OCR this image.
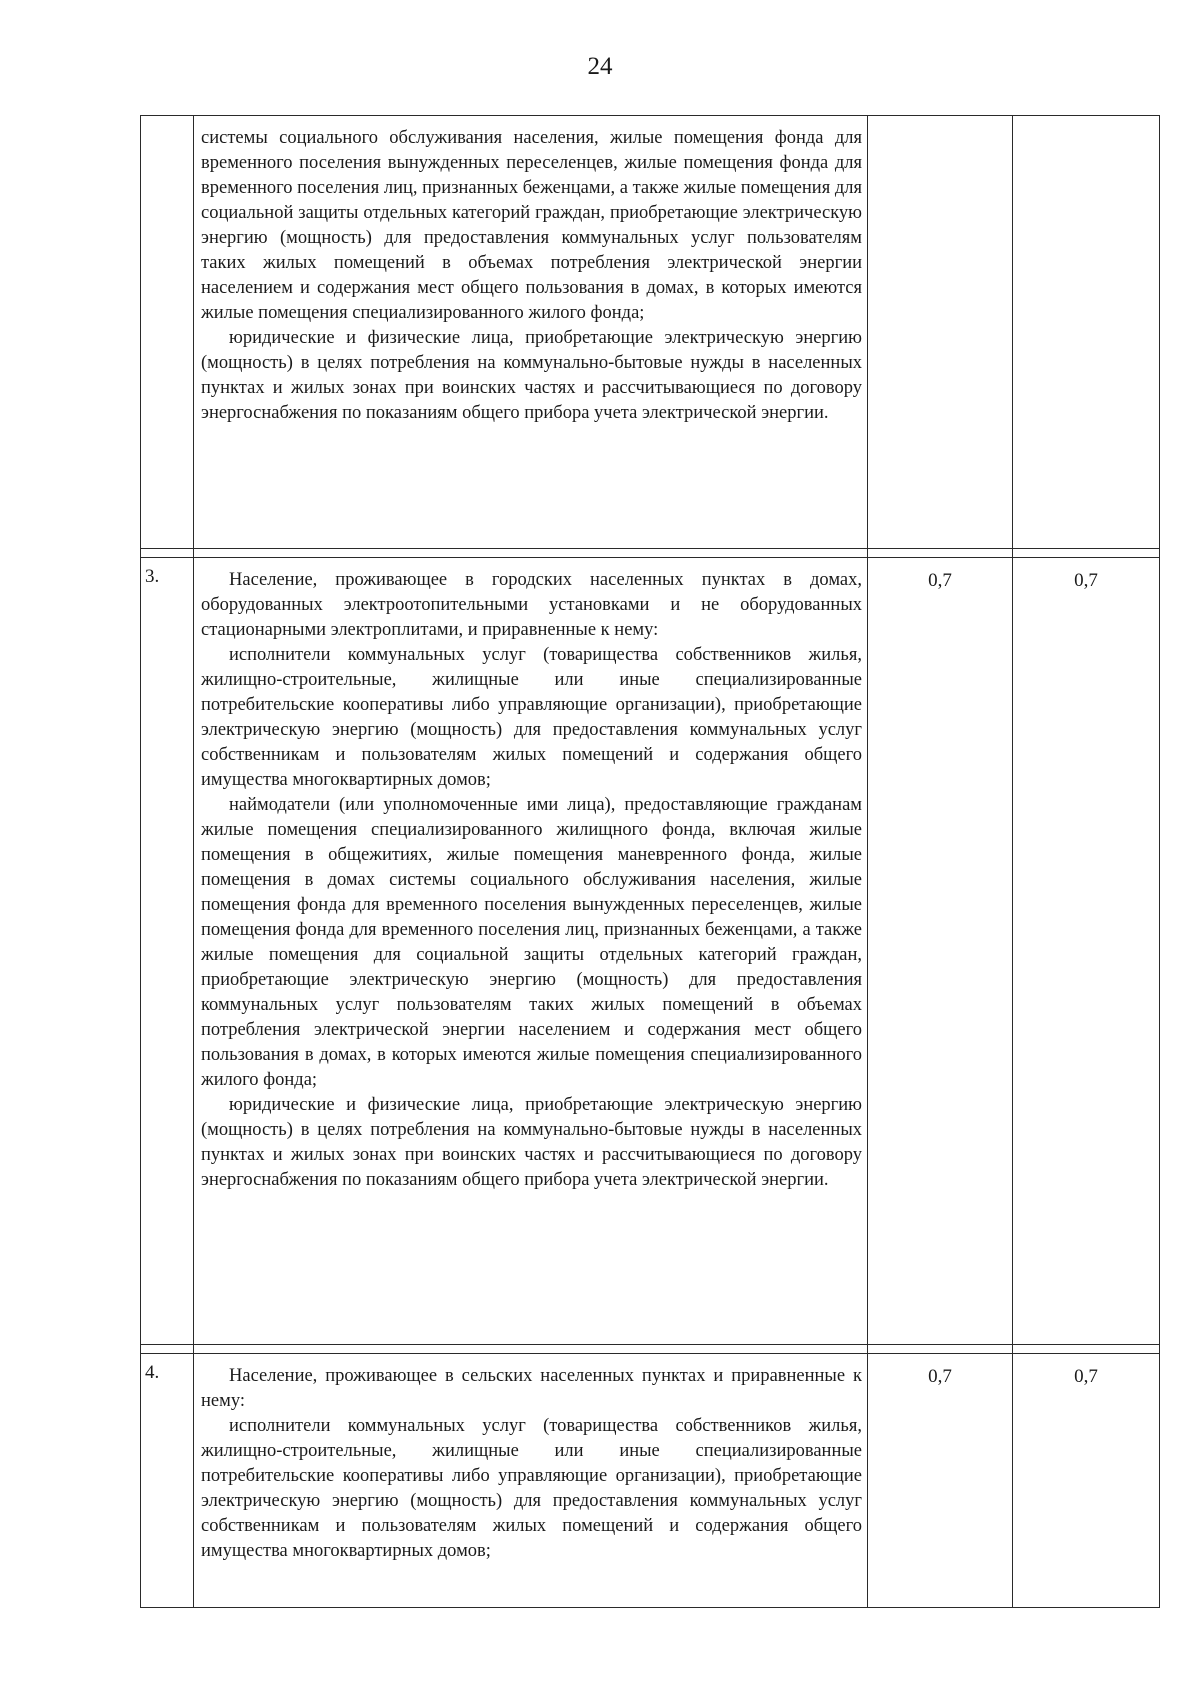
24

	системы социального обслуживания населения, жилые помещения фонда для временного поселения вынужденных переселенцев, жилые помещения фонда для временного поселения лиц, признанных беженцами, а также жилые помещения для социальной защиты отдельных категорий граждан, приобретающие электрическую энергию (мощность) для предоставления коммунальных услуг пользователям таких жилых помещений в объемах потребления электрической энергии населением и содержания мест общего пользования в домах, в которых имеются жилые помещения специализированного жилого фонда;

юридические и физические лица, приобретающие электрическую энергию (мощность) в целях потребления на коммунально-бытовые нужды в населенных пунктах и жилых зонах при воинских частях и рассчитывающиеся по договору энергоснабжения по показаниям общего прибора учета электрической энергии.		

3.	Население, проживающее в городских населенных пунктах в домах, оборудованных электроотопительными установками и не оборудованных стационарными электроплитами, и приравненные к нему:

исполнители коммунальных услуг (товарищества собственников жилья, жилищно-строительные, жилищные или иные специализированные потребительские кооперативы либо управляющие организации), приобретающие электрическую энергию (мощность) для предоставления коммунальных услуг собственникам и пользователям жилых помещений и содержания общего имущества многоквартирных домов;

наймодатели (или уполномоченные ими лица), предоставляющие гражданам жилые помещения специализированного жилищного фонда, включая жилые помещения в общежитиях, жилые помещения маневренного фонда, жилые помещения в домах системы социального обслуживания населения, жилые помещения фонда для временного поселения вынужденных переселенцев, жилые помещения фонда для временного поселения лиц, признанных беженцами, а также жилые помещения для социальной защиты отдельных категорий граждан, приобретающие электрическую энергию (мощность) для предоставления коммунальных услуг пользователям таких жилых помещений в объемах потребления электрической энергии населением и содержания мест общего пользования в домах, в которых имеются жилые помещения специализированного жилого фонда;

юридические и физические лица, приобретающие электрическую энергию (мощность) в целях потребления на коммунально-бытовые нужды в населенных пунктах и жилых зонах при воинских частях и рассчитывающиеся по договору энергоснабжения по показаниям общего прибора учета электрической энергии.	0,7	0,7

4.	Население, проживающее в сельских населенных пунктах и приравненные к нему:

исполнители коммунальных услуг (товарищества собственников жилья, жилищно-строительные, жилищные или иные специализированные потребительские кооперативы либо управляющие организации), приобретающие электрическую энергию (мощность) для предоставления коммунальных услуг собственникам и пользователям жилых помещений и содержания общего имущества многоквартирных домов;	0,7	0,7
